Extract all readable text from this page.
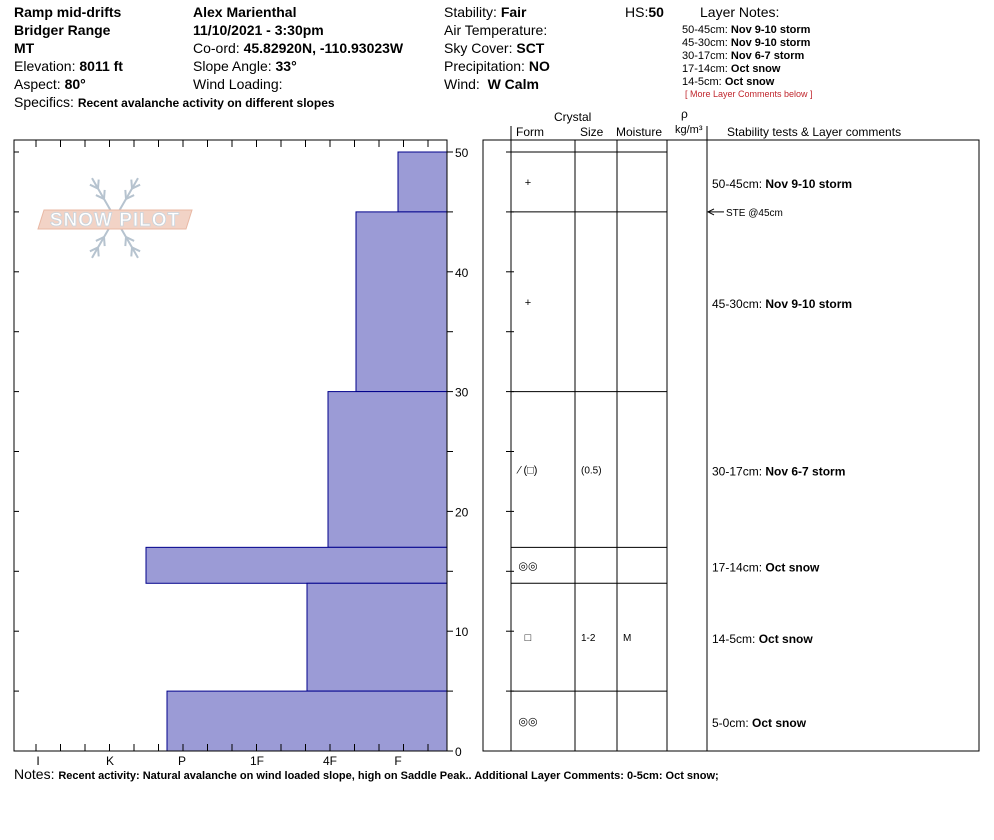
Ramp mid-drifts
Bridger Range
MT
Elevation: 8011 ft
Aspect: 80°
Specifics: Recent avalanche activity on different slopes
Alex Marienthal
11/10/2021 - 3:30pm
Co-ord: 45.82920N, -110.93023W
Slope Angle: 33°
Wind Loading:
Stability: Fair
Air Temperature:
Sky Cover: SCT
Precipitation: NO
Wind: W Calm
HS:50	Layer Notes:
50-45cm: Nov 9-10 storm
45-30cm: Nov 9-10 storm
30-17cm: Nov 6-7 storm
17-14cm: Oct snow
14-5cm: Oct snow
[ More Layer Comments below ]
Crystal
Form	Size Moisture
ρ
kg/m³ Stability tests & Layer comments
SNOW PILOT
0
10
20
30
40
50
I	K	P	1F	4F	F
+	50-45cm: Nov 9-10 storm
+	45-30cm: Nov 9-10 storm
⁄ (□)	(0.5)	30-17cm: Nov 6-7 storm
◎◎	17-14cm: Oct snow
□	1-2	M	14-5cm: Oct snow
◎◎	5-0cm: Oct snow
STE @45cm
Notes: Recent activity: Natural avalanche on wind loaded slope, high on Saddle Peak.. Additional Layer Comments: 0-5cm: Oct snow;
